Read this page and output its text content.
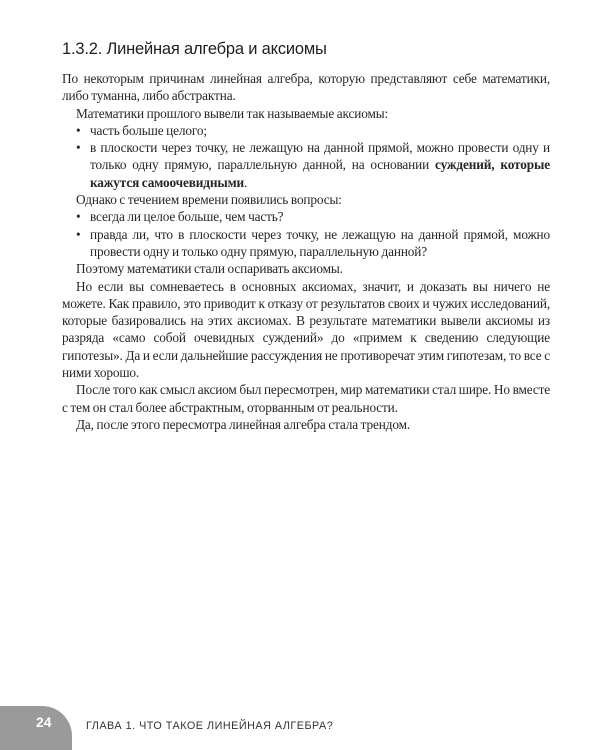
1.3.2. Линейная алгебра и аксиомы

По некоторым причинам линейная алгебра, которую представляют себе математики, либо туманна, либо абстрактна.

Математики прошлого вывели так называемые аксиомы:

• часть больше целого;
• в плоскости через точку, не лежащую на данной прямой, можно провести одну и только одну прямую, параллельную данной, на основании суждений, которые кажутся самоочевидными.

Однако с течением времени появились вопросы:

• всегда ли целое больше, чем часть?
• правда ли, что в плоскости через точку, не лежащую на данной прямой, можно провести одну и только одну прямую, параллельную данной?

Поэтому математики стали оспаривать аксиомы.

Но если вы сомневаетесь в основных аксиомах, значит, и доказать вы ничего не можете. Как правило, это приводит к отказу от результатов своих и чужих исследований, которые базировались на этих аксиомах. В результате математики вывели аксиомы из разряда «само собой очевидных суждений» до «примем к сведению следующие гипотезы». Да и если дальнейшие рассуждения не противоречат этим гипотезам, то все с ними хорошо.

После того как смысл аксиом был пересмотрен, мир математики стал шире. Но вместе с тем он стал более абстрактным, оторванным от реальности.

Да, после этого пересмотра линейная алгебра стала трендом.

24	ГЛАВА 1. ЧТО ТАКОЕ ЛИНЕЙНАЯ АЛГЕБРА?
